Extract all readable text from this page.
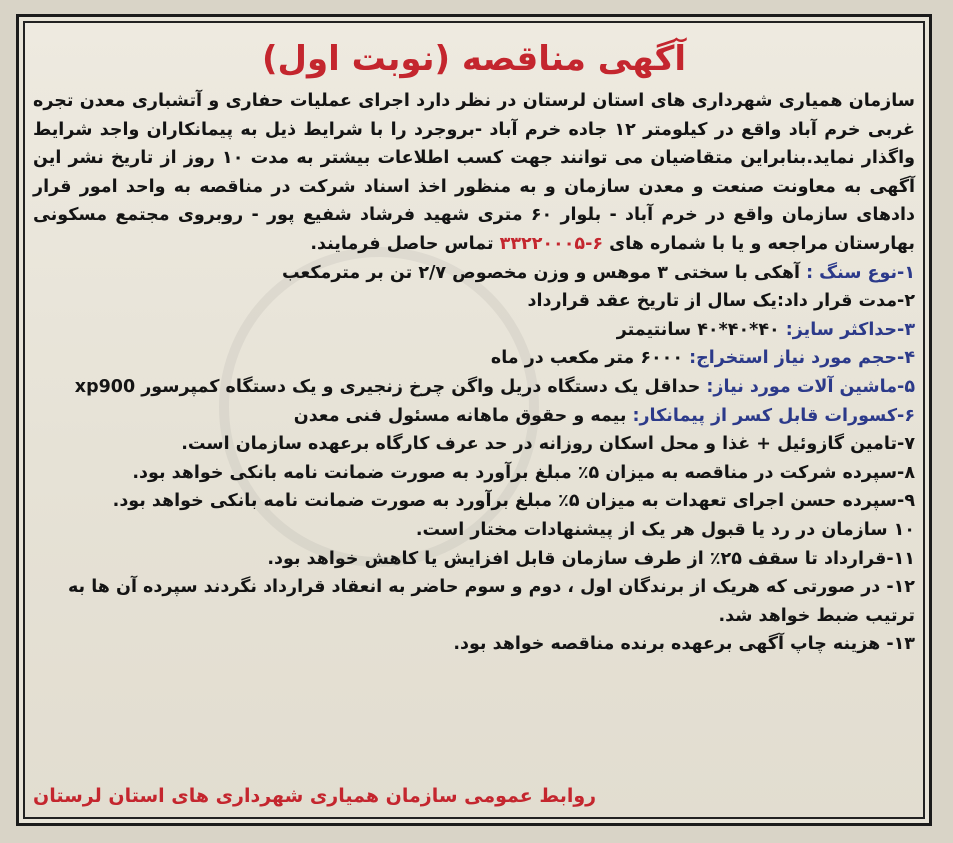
آگهی مناقصه (نوبت اول)

سازمان همیاری شهرداری های استان لرستان در نظر دارد اجرای عملیات حفاری و آتشباری معدن تجره غربی خرم آباد واقع در کیلومتر ۱۲ جاده خرم آباد -بروجرد را با شرایط ذیل به پیمانکاران واجد شرایط واگذار نماید.بنابراین متقاضیان می توانند جهت کسب اطلاعات بیشتر به مدت ۱۰ روز از تاریخ نشر این آگهی به معاونت صنعت و معدن سازمان و به منظور اخذ اسناد شرکت در مناقصه به واحد امور قرار دادهای سازمان واقع در خرم آباد - بلوار ۶۰ متری شهید فرشاد شفیع پور - روبروی مجتمع مسکونی بهارستان مراجعه و یا با شماره های ۶-۳۳۲۲۰۰۰۵ تماس حاصل فرمایند.

۱-نوع سنگ : آهکی با سختی ۳ موهس و وزن مخصوص ۲/۷ تن بر مترمکعب
۲-مدت قرار داد:یک سال از تاریخ عقد قرارداد
۳-حداکثر سایز: ۴۰*۴۰*۴۰ سانتیمتر
۴-حجم مورد نیاز استخراج: ۶۰۰۰ متر مکعب در ماه
۵-ماشین آلات مورد نیاز: حداقل یک دستگاه دریل واگن چرخ زنجیری و یک دستگاه کمپرسور xp900
۶-کسورات قابل کسر از پیمانکار: بیمه و حقوق ماهانه مسئول فنی معدن
۷-تامین گازوئیل + غذا و محل اسکان روزانه در حد عرف کارگاه برعهده سازمان است.
۸-سپرده شرکت در مناقصه به میزان ۵٪ مبلغ برآورد به صورت ضمانت نامه بانکی خواهد بود.
۹-سپرده حسن اجرای تعهدات به میزان ۵٪ مبلغ برآورد به صورت ضمانت نامه بانکی خواهد بود.
۱۰ سازمان در رد یا قبول هر یک از پیشنهادات مختار است.
۱۱-قرارداد تا سقف ۲۵٪ از طرف سازمان قابل افزایش یا کاهش خواهد بود.
۱۲- در صورتی که هریک از برندگان اول ، دوم و سوم حاضر به انعقاد قرارداد نگردند سپرده آن ها به ترتیب ضبط خواهد شد.
۱۳- هزینه چاپ آگهی برعهده برنده مناقصه خواهد بود.
روابط عمومی سازمان همیاری شهرداری های استان لرستان
